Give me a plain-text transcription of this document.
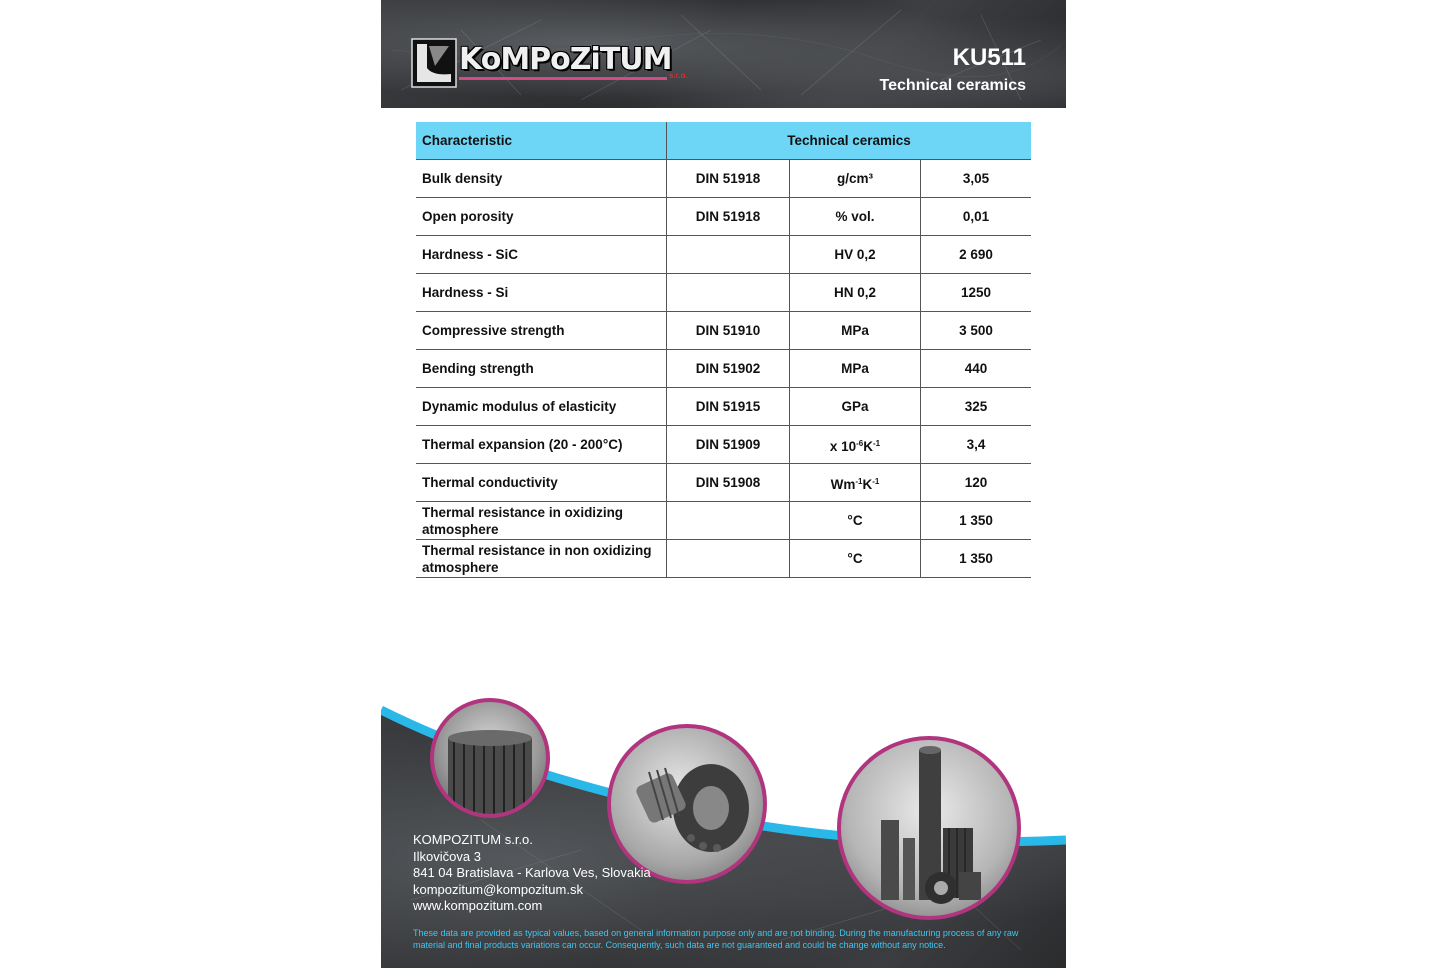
KoMPoZiTUM
s.r.o.
KU511
Technical ceramics
Characteristic	Technical ceramics		
Bulk density	DIN 51918	g/cm³	3,05
Open porosity	DIN 51918	% vol.	0,01
Hardness - SiC		HV 0,2	2 690
Hardness - Si		HN 0,2	1250
Compressive strength	DIN 51910	MPa	3 500
Bending strength	DIN 51902	MPa	440
Dynamic modulus of elasticity	DIN 51915	GPa	325
Thermal expansion (20 - 200°C)	DIN 51909	x $10^{-6}K^{-1}$	3,4
Thermal conductivity	DIN 51908	$Wm^{-1}K^{-1}$	120
Thermal resistance in oxidizing atmosphere		°C	1 350
Thermal resistance in non oxidizing atmosphere		°C	1 350
KOMPOZITUM s.r.o.
Ilkovičova 3
841 04 Bratislava - Karlova Ves, Slovakia
kompozitum@kompozitum.sk
www.kompozitum.com
These data are provided as typical values, based on general information purpose only and are not binding. During the manufacturing process of any raw material and final products variations can occur. Consequently, such data are not guaranteed and could be change without any notice.
